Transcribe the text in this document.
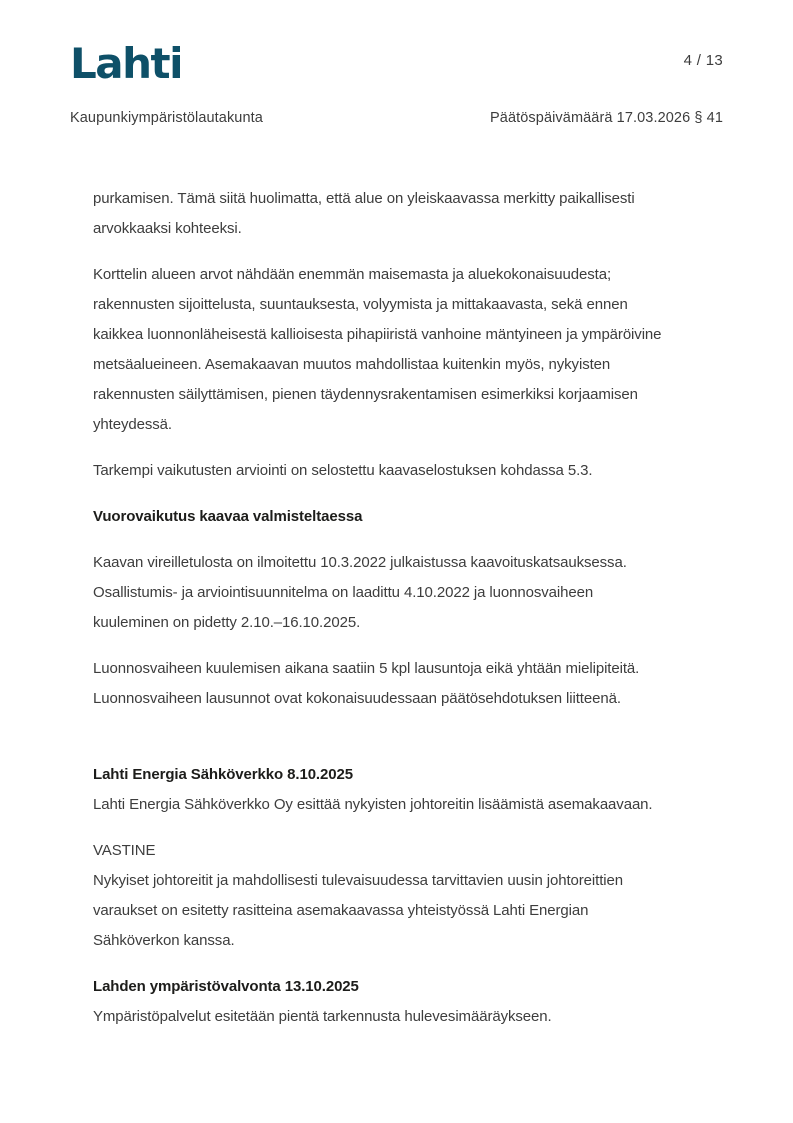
Lahti	4 / 13
Kaupunkiympäristölautakunta	Päätöspäivämäärä 17.03.2026 § 41
purkamisen. Tämä siitä huolimatta, että alue on yleiskaavassa merkitty paikallisesti arvokkaaksi kohteeksi.
Korttelin alueen arvot nähdään enemmän maisemasta ja aluekokonaisuudesta; rakennusten sijoittelusta, suuntauksesta, volyymista ja mittakaavasta, sekä ennen kaikkea luonnonläheisestä kallioisesta pihapiiristä vanhoine mäntyineen ja ympäröivine metsäalueineen. Asemakaavan muutos mahdollistaa kuitenkin myös, nykyisten rakennusten säilyttämisen, pienen täydennysrakentamisen esimerkiksi korjaamisen yhteydessä.
Tarkempi vaikutusten arviointi on selostettu kaavaselostuksen kohdassa 5.3.
Vuorovaikutus kaavaa valmisteltaessa
Kaavan vireilletulosta on ilmoitettu 10.3.2022 julkaistussa kaavoituskatsauksessa. Osallistumis- ja arviointisuunnitelma on laadittu 4.10.2022 ja luonnosvaiheen kuuleminen on pidetty 2.10.–16.10.2025.
Luonnosvaiheen kuulemisen aikana saatiin 5 kpl lausuntoja eikä yhtään mielipiteitä. Luonnosvaiheen lausunnot ovat kokonaisuudessaan päätösehdotuksen liitteenä.
Lahti Energia Sähköverkko 8.10.2025
Lahti Energia Sähköverkko Oy esittää nykyisten johtoreitin lisäämistä asemakaavaan.
VASTINE
Nykyiset johtoreitit ja mahdollisesti tulevaisuudessa tarvittavien uusin johtoreittien varaukset on esitetty rasitteina asemakaavassa yhteistyössä Lahti Energian Sähköverkon kanssa.
Lahden ympäristövalvonta 13.10.2025
Ympäristöpalvelut esitetään pientä tarkennusta hulevesimääräykseen.
